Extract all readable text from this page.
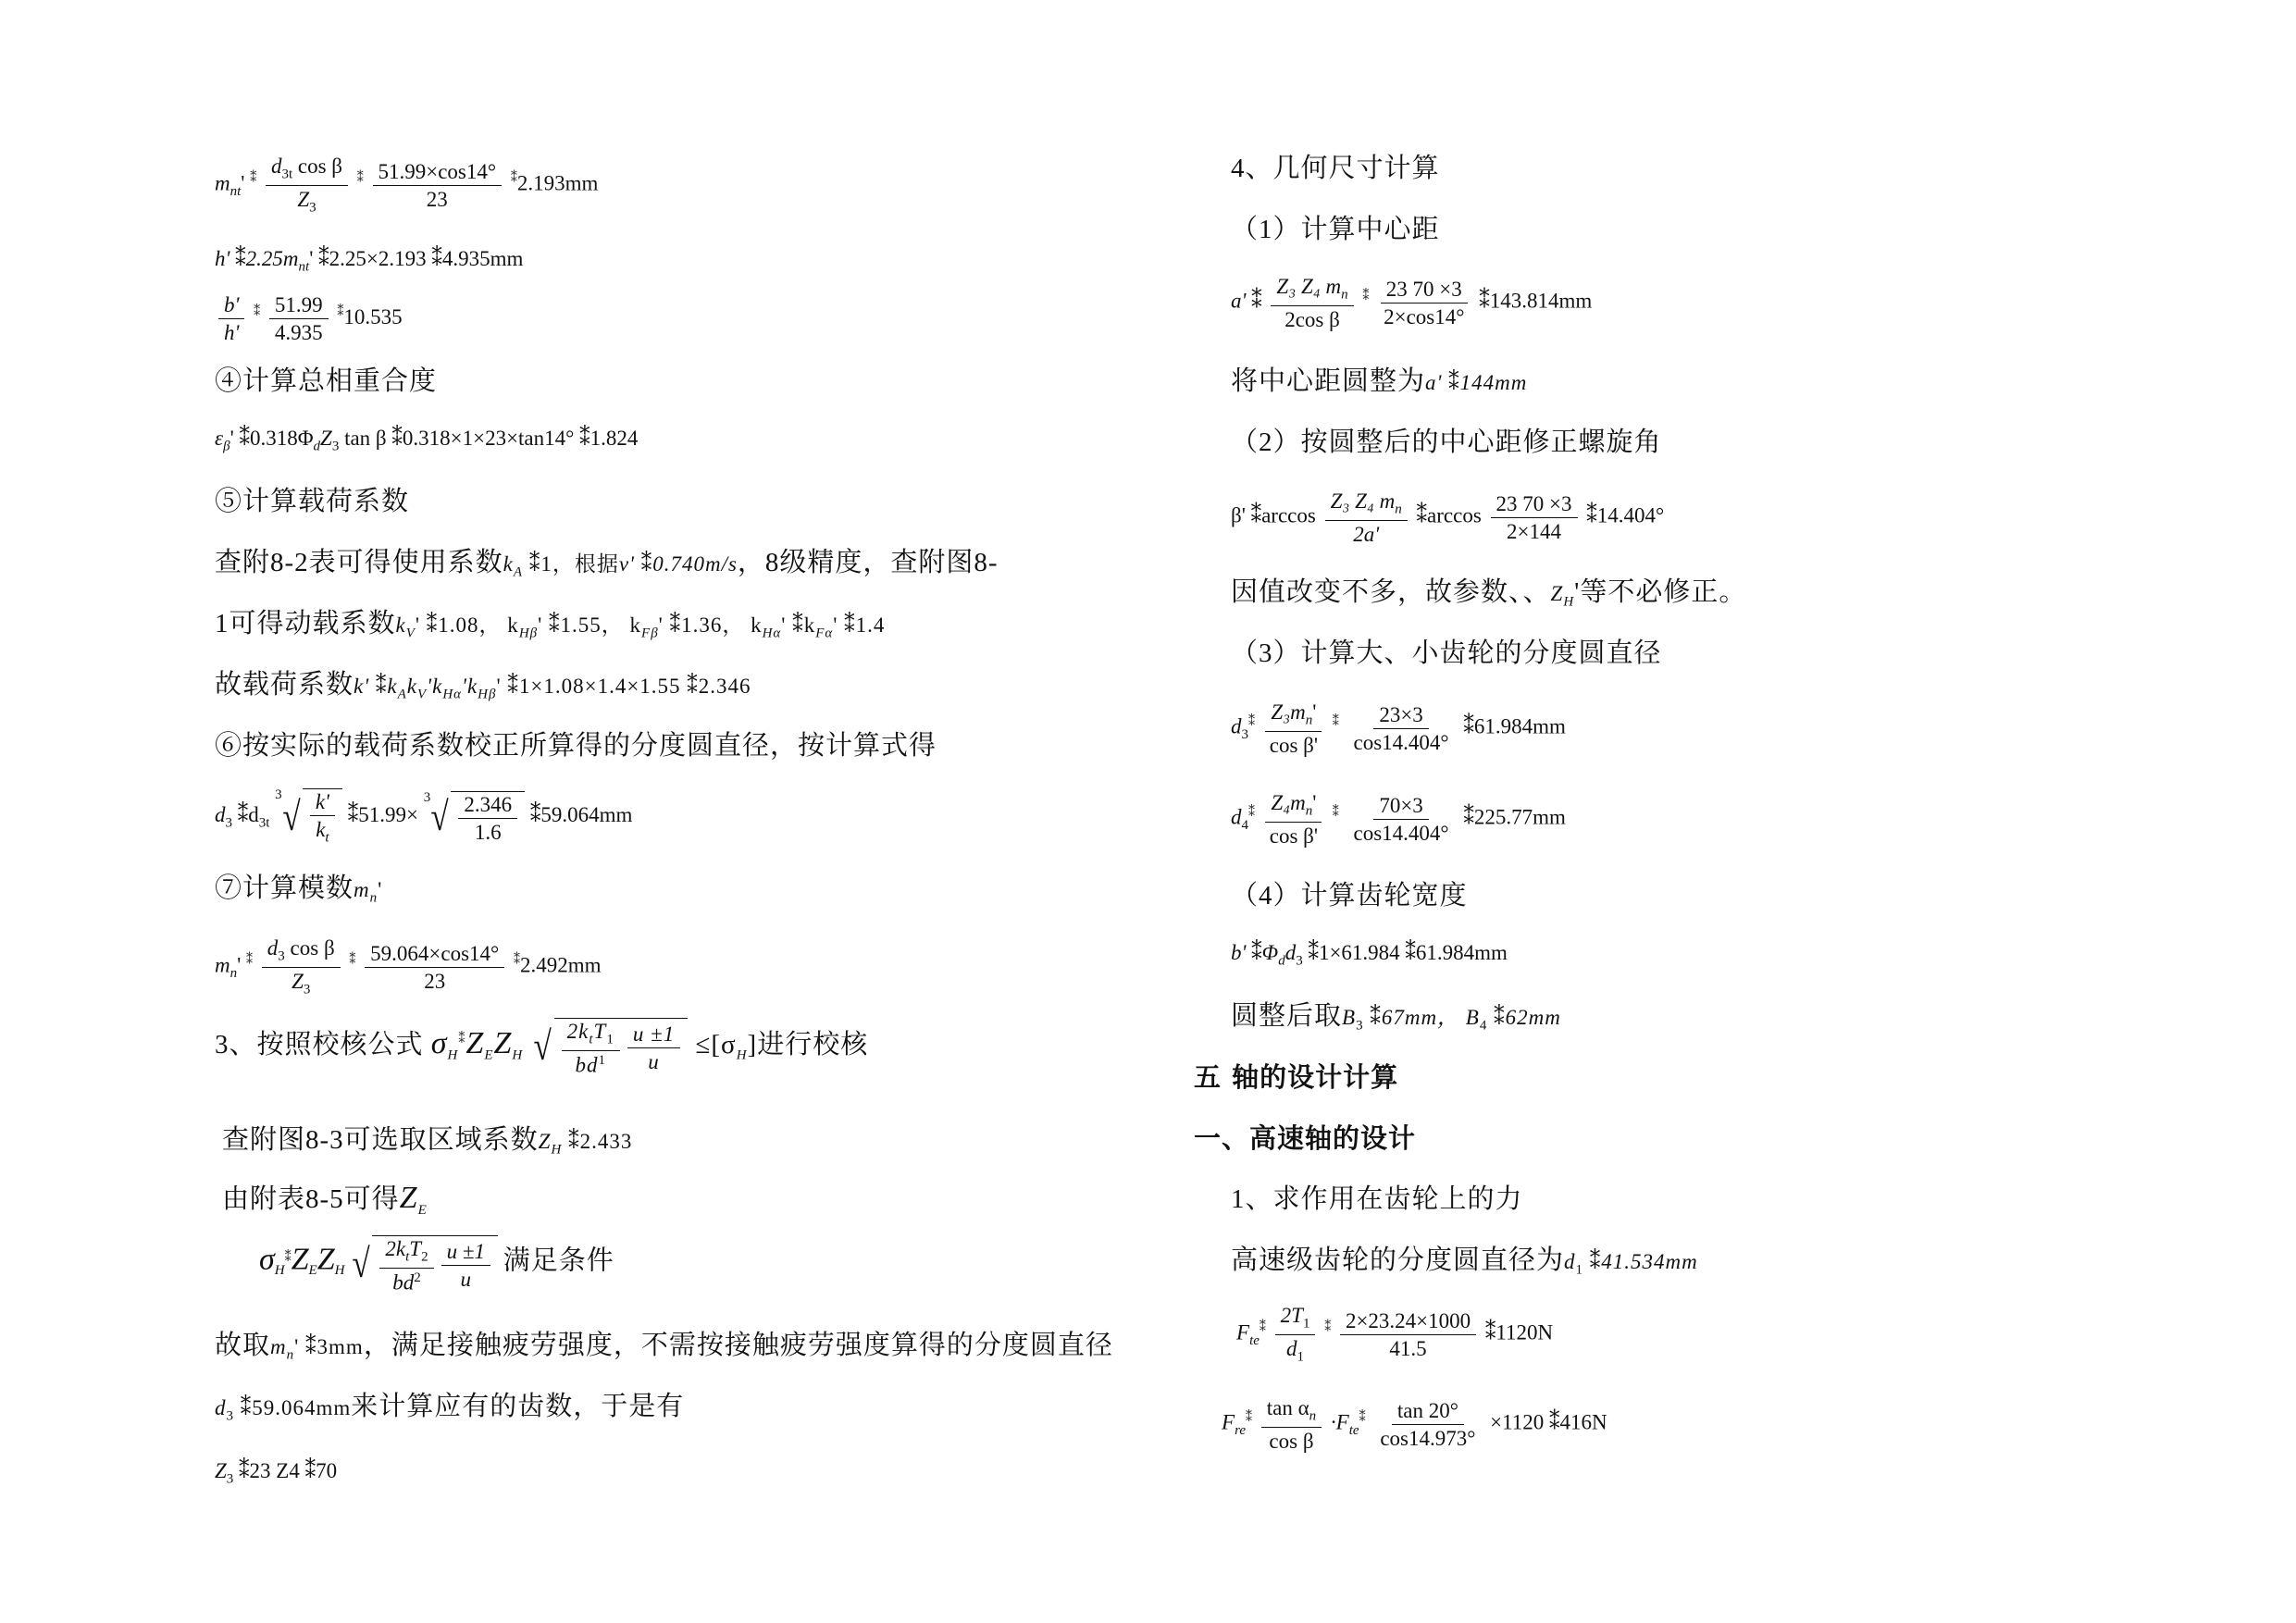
$m_{nt}'$ $^⁑ \frac{d_{3t} \cos \beta}{Z_3} ^⁑ \frac{51.99\times\cos 14^\circ}{23} ^⁑2.193mm$
h' $⁑2.25m_{nt}'$ ⁑2.25×2.193 ⁑4.935mm
$\frac{b'}{h'} ^⁑ \frac{51.99}{4.935} ^⁑10.535$
④计算总相重合度
$\varepsilon_\beta'$ $⁑0.318\Phi_dZ_3$ tan β ⁑0.318×1×23×tan14° ⁑1.824
⑤计算载荷系数
查附8-2表可得使用系数$k_A$ ⁑1，根据v' ⁑0.740m/s，8级精度，查附图8-
1可得动载系数$k_V'$ ⁑1.08， $k_{H\beta}'$ ⁑1.55， $k_{F\beta}'$ ⁑1.36， $k_{H\alpha}'$ $⁑k_{F\alpha}'$ ⁑1.4
故载荷系数k' $⁑k_Ak_V'k_{H\alpha}'k_{H\beta}'$ ⁑1×1.08×1.4×1.55 ⁑2.346
⑥按实际的载荷系数校正所算得的分度圆直径，按计算式得
$d_3$ $⁑d_{3t}$
3 √ $\frac{k'}{k_t}$ ⁑51.99×
3 √ $\frac{2.346}{1.6}$ ⁑59.064mm
⑦计算模数$m_n'$
$m_n'$ $^⁑ \frac{d_3 \cos \beta}{Z_3} ^⁑ \frac{59.064\times\cos 14^\circ}{23} ^⁑2.492mm$
3、按照校核公式 $\sigma_H^⁑Z_EZ_H$ √ $\frac{2k_tT_1}{bd^1} \frac{u \pm 1}{u} \le[\sigma_H]$进行校核
查附图8-3可选取区域系数$Z_H$ ⁑2.433
由附表8-5可得$Z_E$
$\sigma_H^⁑Z_EZ_H$ √ $\frac{2k_tT_2}{bd^2} \frac{u \pm 1}{u}$ 满足条件
故取$m_n'$ ⁑3mm，满足接触疲劳强度，不需按接触疲劳强度算得的分度圆直径
$d_3$ ⁑59.064mm来计算应有的齿数，于是有
$Z_3$ ⁑23 Z4 ⁑70
4、几何尺寸计算
（1）计算中心距
a' ⁑ $\frac{Z_3 Z_4 m_n}{\text{2cos β}} ^⁑ \frac{23 70 \times 3}{2\times\cos 14^\circ}$ ⁑143.814mm
将中心距圆整为a' ⁑144mm
（2）按圆整后的中心距修正螺旋角
β' ⁑arccos $\frac{Z_3 Z_4 m_n}{2a'}$ ⁑arccos $\frac{23 70 \times 3}{2\times 144}$ ⁑14.404°
因值改变不多，故参数、、$Z_H'$等不必修正。
（3）计算大、小齿轮的分度圆直径
$d_3^⁑ \frac{Z_3m_n'}{\text{cos β'}} ^⁑ \frac{23\times 3}{\cos 14.404^\circ}$ ⁑61.984mm
$d_4^⁑ \frac{Z_4m_n'}{\text{cos β'}} ^⁑ \frac{70\times 3}{\cos 14.404^\circ}$ ⁑225.77mm
（4）计算齿轮宽度
b' $⁑\Phi_dd_3$ ⁑1×61.984 ⁑61.984mm
圆整后取$B_3$ ⁑67mm， $B_4$ ⁑62mm
五 轴的设计计算
一、高速轴的设计
1、求作用在齿轮上的力
高速级齿轮的分度圆直径为$d_1$ ⁑41.534mm
$F_{te}^⁑ \frac{2T_1}{d_1} ^⁑ \frac{2\times 23.24\times 1000}{41.5}$ ⁑1120N
$F_{re}^⁑ \frac{\tan \alpha_n}{\text{cos β}} \cdot F_{te}^⁑ \frac{\tan 20^\circ}{\cos 14.973^\circ} \times 1120$ ⁑416N
